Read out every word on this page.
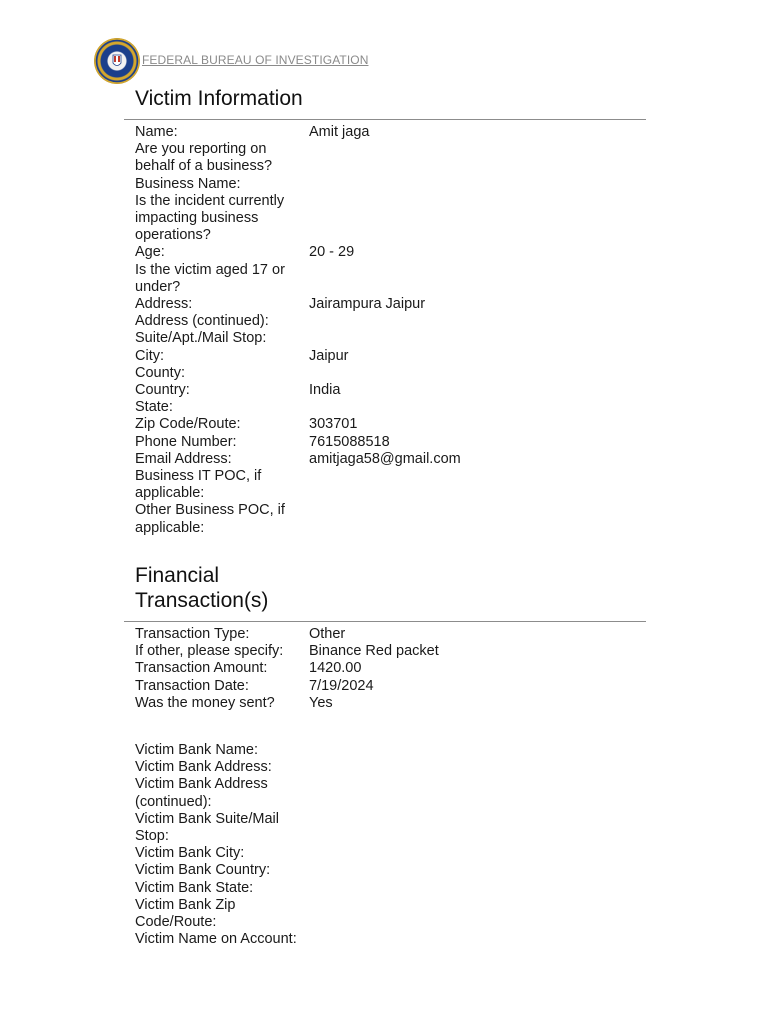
FEDERAL BUREAU OF INVESTIGATION
Victim Information
Name:	Amit jaga
Are you reporting on behalf of a business?
Business Name:
Is the incident currently impacting business operations?
Age:	20 - 29
Is the victim aged 17 or under?
Address:	Jairampura Jaipur
Address (continued):
Suite/Apt./Mail Stop:
City:	Jaipur
County:
Country:	India
State:
Zip Code/Route:	303701
Phone Number:	7615088518
Email Address:	amitjaga58@gmail.com
Business IT POC, if applicable:
Other Business POC, if applicable:
Financial
Transaction(s)
Transaction Type:	Other
If other, please specify:	Binance Red packet
Transaction Amount:	1420.00
Transaction Date:	7/19/2024
Was the money sent?	Yes
Victim Bank Name:
Victim Bank Address:
Victim Bank Address (continued):
Victim Bank Suite/Mail Stop:
Victim Bank City:
Victim Bank Country:
Victim Bank State:
Victim Bank Zip Code/Route:
Victim Name on Account:
